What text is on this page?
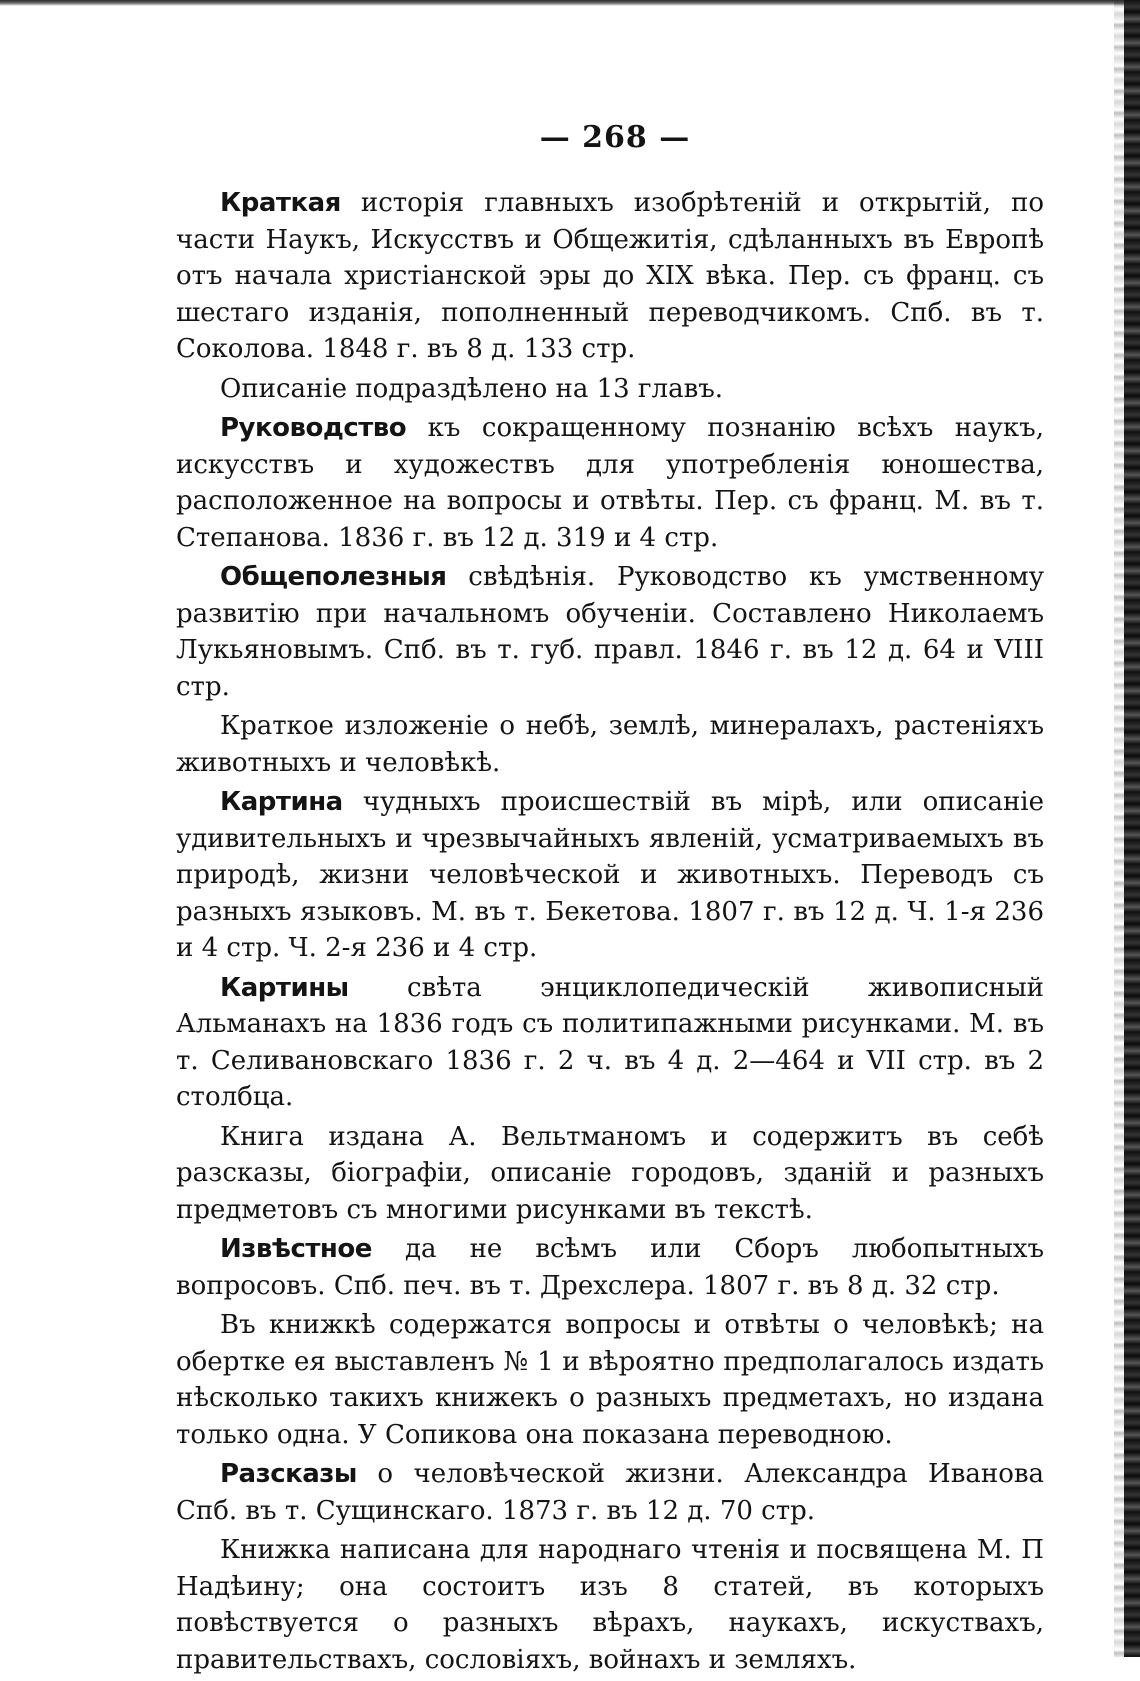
— 268 —

Краткая исторія главныхъ изобрѣтеній и открытій, по части Наукъ, Искусствъ и Общежитія, сдѣланныхъ въ Европѣ отъ начала христіанской эры до XIX вѣка. Пер. съ франц. съ шестаго изданія, пополненный переводчикомъ. Спб. въ т. Соколова. 1848 г. въ 8 д. 133 стр.

Описаніе подраздѣлено на 13 главъ.

Руководство къ сокращенному познанію всѣхъ наукъ, искусствъ и художествъ для употребленія юношества, расположенное на вопросы и отвѣты. Пер. съ франц. М. въ т. Степанова. 1836 г. въ 12 д. 319 и 4 стр.

Общеполезныя свѣдѣнія. Руководство къ умственному развитію при начальномъ обученіи. Составлено Николаемъ Лукьяновымъ. Спб. въ т. губ. правл. 1846 г. въ 12 д. 64 и VIII стр.

Краткое изложеніе о небѣ, землѣ, минералахъ, растеніяхъ животныхъ и человѣкѣ.

Картина чудныхъ происшествій въ мірѣ, или описаніе удивительныхъ и чрезвычайныхъ явленій, усматриваемыхъ въ природѣ, жизни человѣческой и животныхъ. Переводъ съ разныхъ языковъ. М. въ т. Бекетова. 1807 г. въ 12 д. Ч. 1-я 236 и 4 стр. Ч. 2-я 236 и 4 стр.

Картины свѣта энциклопедическій живописный Альманахъ на 1836 годъ съ политипажными рисунками. М. въ т. Селивановскаго 1836 г. 2 ч. въ 4 д. 2—464 и VII стр. въ 2 столбца.

Книга издана А. Вельтманомъ и содержитъ въ себѣ разсказы, біографіи, описаніе городовъ, зданій и разныхъ предметовъ съ многими рисунками въ текстѣ.

Извѣстное да не всѣмъ или Сборъ любопытныхъ вопросовъ. Спб. печ. въ т. Дрехслера. 1807 г. въ 8 д. 32 стр.

Въ книжкѣ содержатся вопросы и отвѣты о человѣкѣ; на обертке ея выставленъ № 1 и вѣроятно предполагалось издать нѣсколько такихъ книжекъ о разныхъ предметахъ, но издана только одна. У Сопикова она показана переводною.

Разсказы о человѣческой жизни. Александра Иванова Спб. въ т. Сущинскаго. 1873 г. въ 12 д. 70 стр.

Книжка написана для народнаго чтенія и посвящена М. П Надѣину; она состоитъ изъ 8 статей, въ которыхъ повѣствуется о разныхъ вѣрахъ, наукахъ, искуствахъ, правительствахъ, сословіяхъ, войнахъ и земляхъ.
